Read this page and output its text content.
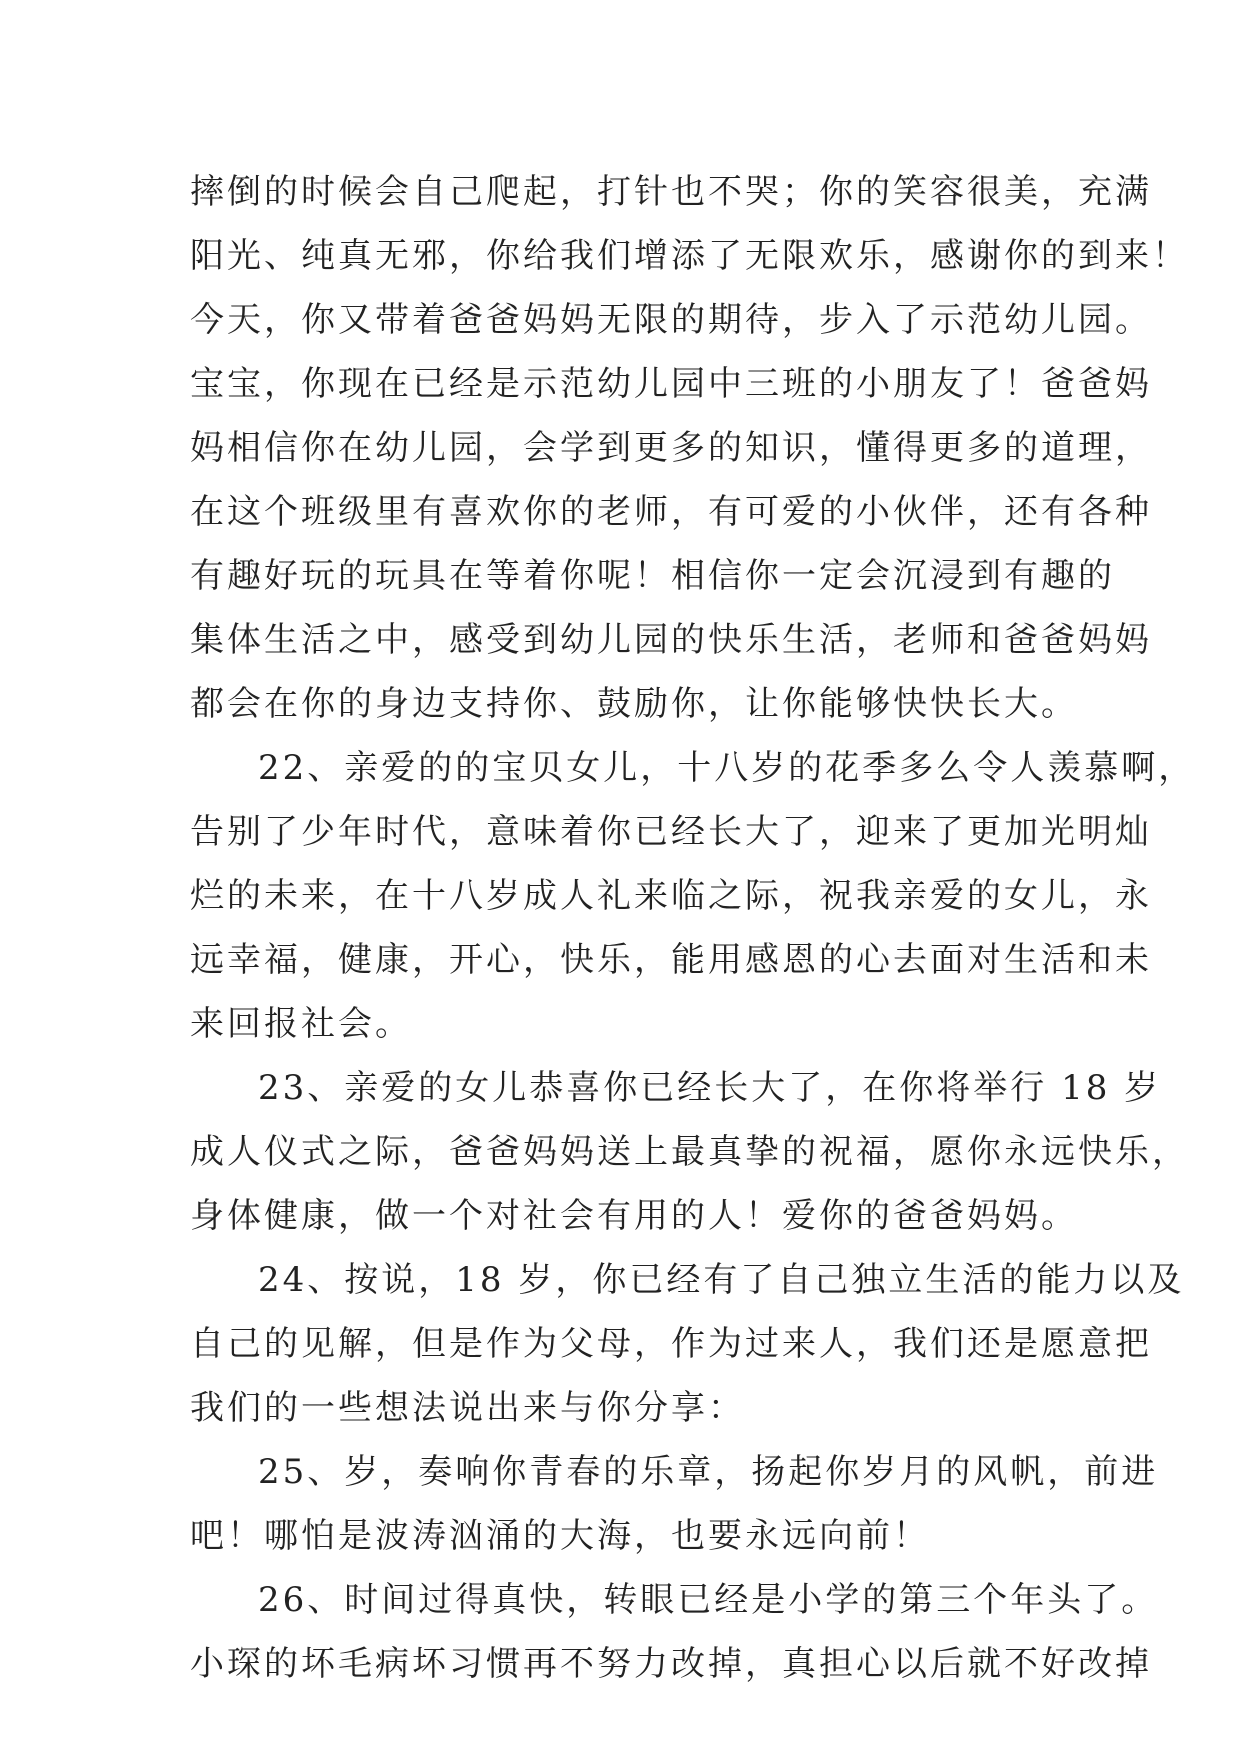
摔倒的时候会自己爬起，打针也不哭；你的笑容很美，充满
阳光、纯真无邪，你给我们增添了无限欢乐，感谢你的到来！
今天，你又带着爸爸妈妈无限的期待，步入了示范幼儿园。
宝宝，你现在已经是示范幼儿园中三班的小朋友了！爸爸妈
妈相信你在幼儿园，会学到更多的知识，懂得更多的道理，
在这个班级里有喜欢你的老师，有可爱的小伙伴，还有各种
有趣好玩的玩具在等着你呢！相信你一定会沉浸到有趣的
集体生活之中，感受到幼儿园的快乐生活，老师和爸爸妈妈
都会在你的身边支持你、鼓励你，让你能够快快长大。
22、亲爱的的宝贝女儿，十八岁的花季多么令人羡慕啊，
告别了少年时代，意味着你已经长大了，迎来了更加光明灿
烂的未来，在十八岁成人礼来临之际，祝我亲爱的女儿，永
远幸福，健康，开心，快乐，能用感恩的心去面对生活和未
来回报社会。
23、亲爱的女儿恭喜你已经长大了，在你将举行 18 岁
成人仪式之际，爸爸妈妈送上最真挚的祝福，愿你永远快乐，
身体健康，做一个对社会有用的人！爱你的爸爸妈妈。
24、按说，18 岁，你已经有了自己独立生活的能力以及
自己的见解，但是作为父母，作为过来人，我们还是愿意把
我们的一些想法说出来与你分享：
25、岁，奏响你青春的乐章，扬起你岁月的风帆，前进
吧！哪怕是波涛汹涌的大海，也要永远向前！
26、时间过得真快，转眼已经是小学的第三个年头了。
小琛的坏毛病坏习惯再不努力改掉，真担心以后就不好改掉
